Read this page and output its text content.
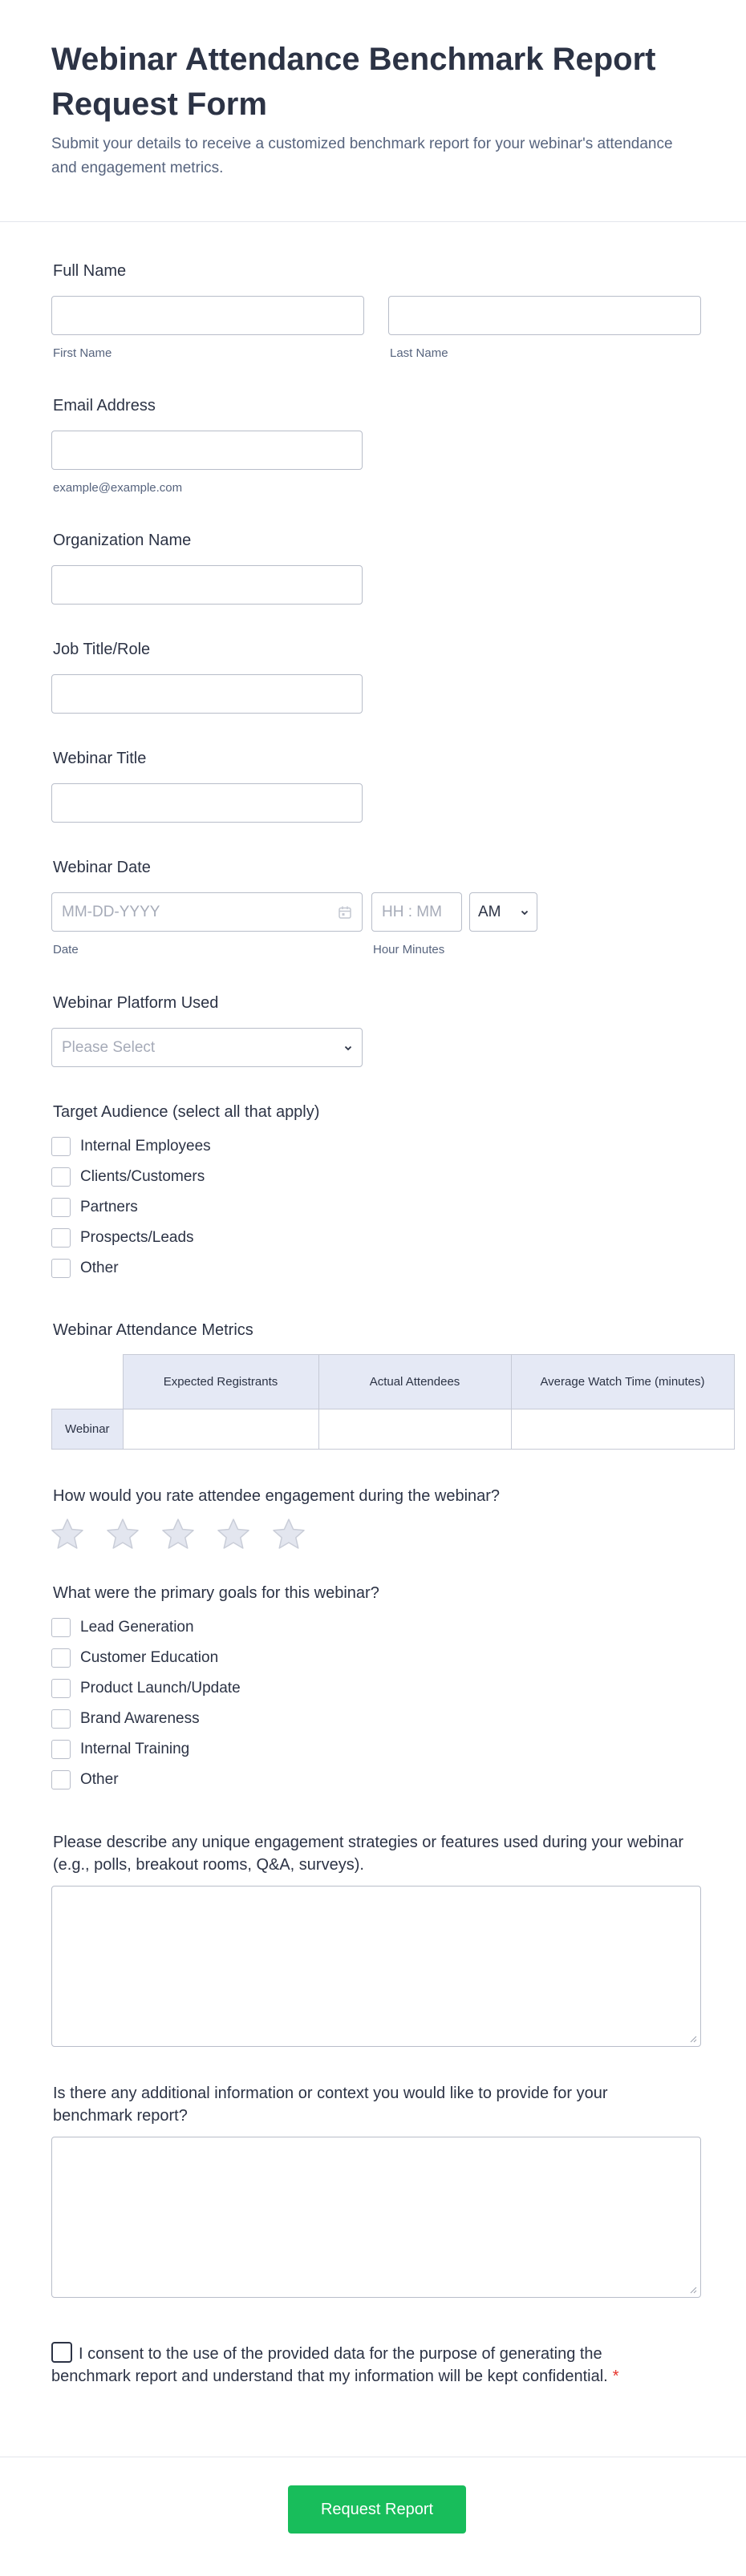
Webinar Attendance Benchmark Report Request Form
Submit your details to receive a customized benchmark report for your webinar's attendance and engagement metrics.
Full Name
First Name	Last Name
Email Address
example@example.com
Organization Name
Job Title/Role
Webinar Title
Webinar Date
MM-DD-YYYY	HH : MM	AM
Date	Hour Minutes
Webinar Platform Used
Please Select
Target Audience (select all that apply)
Internal Employees
Clients/Customers
Partners
Prospects/Leads
Other
Webinar Attendance Metrics
	Expected Registrants	Actual Attendees	Average Watch Time (minutes)
Webinar			
How would you rate attendee engagement during the webinar?
What were the primary goals for this webinar?
Lead Generation
Customer Education
Product Launch/Update
Brand Awareness
Internal Training
Other
Please describe any unique engagement strategies or features used during your webinar (e.g., polls, breakout rooms, Q&A, surveys).
Is there any additional information or context you would like to provide for your benchmark report?
I consent to the use of the provided data for the purpose of generating the benchmark report and understand that my information will be kept confidential. *
Request Report
